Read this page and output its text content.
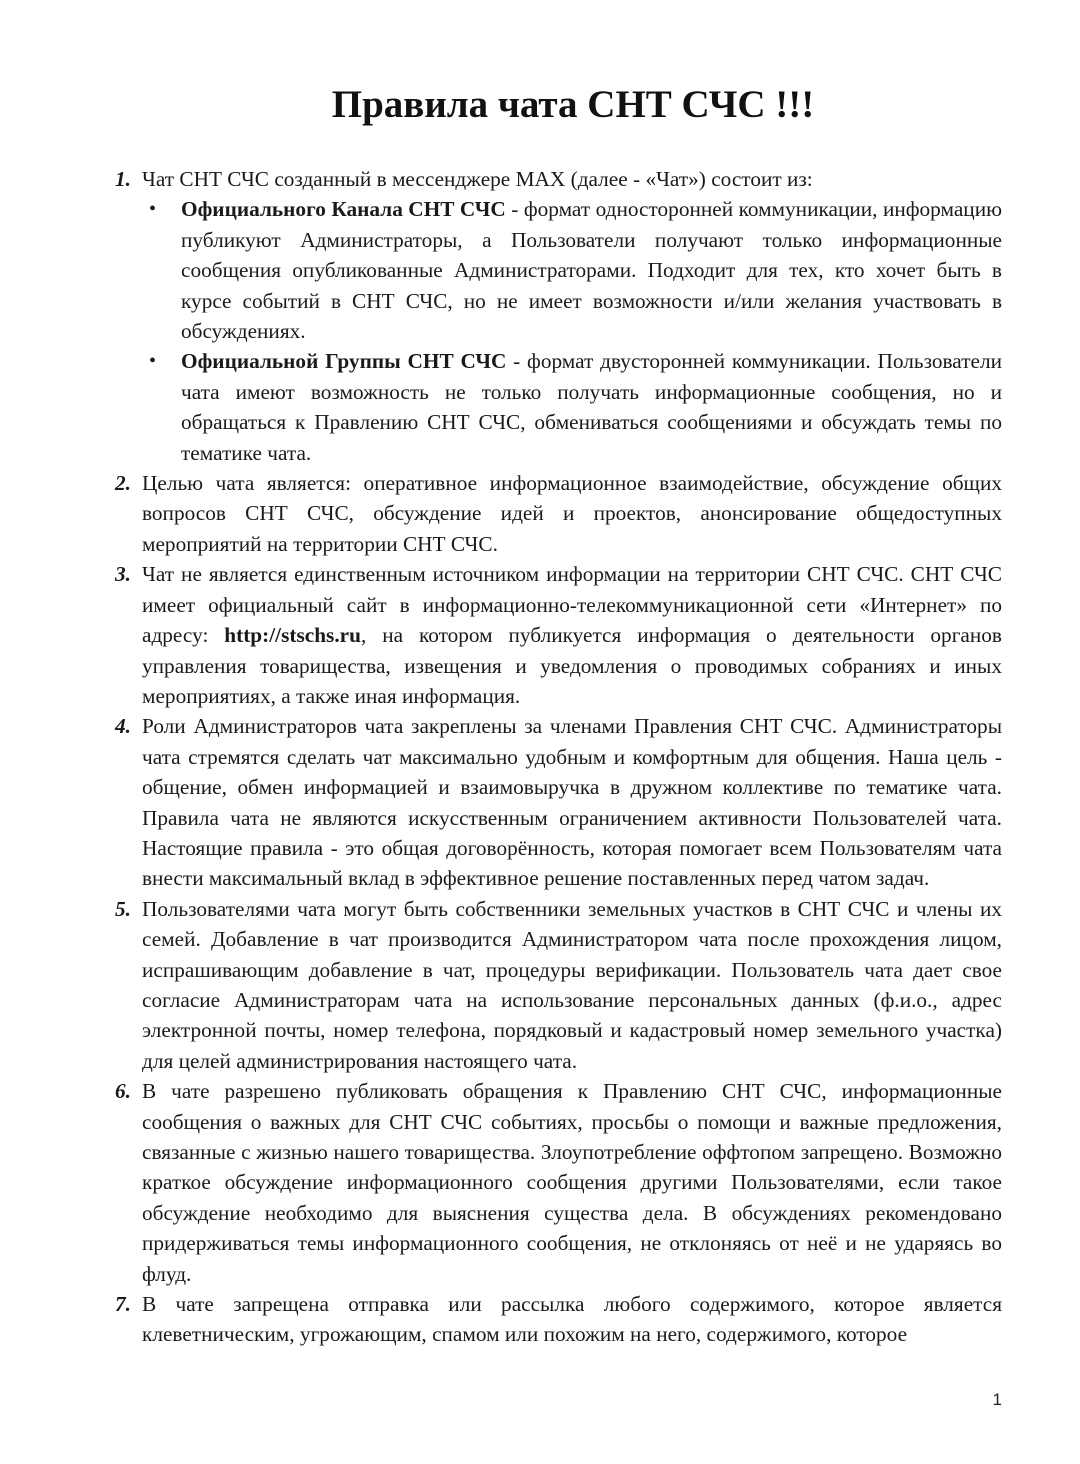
Правила чата СНТ СЧС !!!
1. Чат СНТ СЧС созданный в мессенджере MAX (далее - «Чат») состоит из:
• Официального Канала СНТ СЧС - формат односторонней коммуникации, информацию публикуют Администраторы, а Пользователи получают только информационные сообщения опубликованные Администраторами. Подходит для тех, кто хочет быть в курсе событий в СНТ СЧС, но не имеет возможности и/или желания участвовать в обсуждениях.
• Официальной Группы СНТ СЧС - формат двусторонней коммуникации. Пользователи чата имеют возможность не только получать информационные сообщения, но и обращаться к Правлению СНТ СЧС, обмениваться сообщениями и обсуждать темы по тематике чата.
2. Целью чата является: оперативное информационное взаимодействие, обсуждение общих вопросов СНТ СЧС, обсуждение идей и проектов, анонсирование общедоступных мероприятий на территории СНТ СЧС.
3. Чат не является единственным источником информации на территории СНТ СЧС. СНТ СЧС имеет официальный сайт в информационно-телекоммуникационной сети «Интернет» по адресу: http://stschs.ru, на котором публикуется информация о деятельности органов управления товарищества, извещения и уведомления о проводимых собраниях и иных мероприятиях, а также иная информация.
4. Роли Администраторов чата закреплены за членами Правления СНТ СЧС. Администраторы чата стремятся сделать чат максимально удобным и комфортным для общения. Наша цель - общение, обмен информацией и взаимовыручка в дружном коллективе по тематике чата. Правила чата не являются искусственным ограничением активности Пользователей чата. Настоящие правила - это общая договорённость, которая помогает всем Пользователям чата внести максимальный вклад в эффективное решение поставленных перед чатом задач.
5. Пользователями чата могут быть собственники земельных участков в СНТ СЧС и члены их семей. Добавление в чат производится Администратором чата после прохождения лицом, испрашивающим добавление в чат, процедуры верификации. Пользователь чата дает свое согласие Администраторам чата на использование персональных данных (ф.и.о., адрес электронной почты, номер телефона, порядковый и кадастровый номер земельного участка) для целей администрирования настоящего чата.
6. В чате разрешено публиковать обращения к Правлению СНТ СЧС, информационные сообщения о важных для СНТ СЧС событиях, просьбы о помощи и важные предложения, связанные с жизнью нашего товарищества. Злоупотребление оффтопом запрещено. Возможно краткое обсуждение информационного сообщения другими Пользователями, если такое обсуждение необходимо для выяснения существа дела. В обсуждениях рекомендовано придерживаться темы информационного сообщения, не отклоняясь от неё и не ударяясь во флуд.
7. В чате запрещена отправка или рассылка любого содержимого, которое является клеветническим, угрожающим, спамом или похожим на него, содержимого, которое
1
